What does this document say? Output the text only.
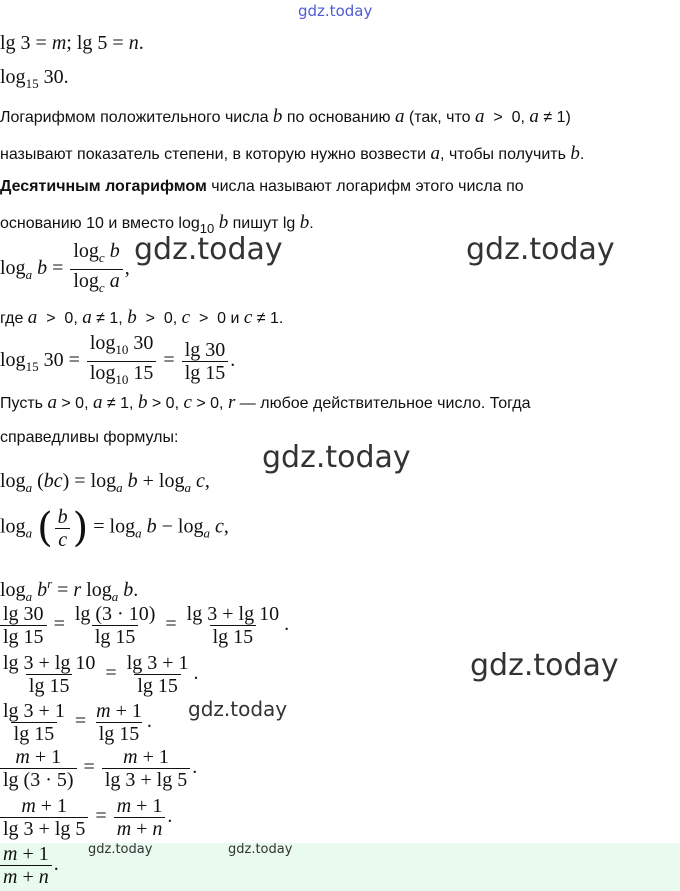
gdz.today
gdz.today	gdz.today
gdz.today
gdz.today
gdz.today
gdz.today	gdz.today
lg 3 = m; lg 5 = n.
$\log_{15} 30$.
Логарифмом положительного числа b по основанию a (так, что a  >  0, a ≠ 1)
называют показатель степени, в которую нужно возвести a, чтобы получить b.
Десятичным логарифмом числа называют логарифм этого числа по
основанию 10 и вместо $\log_{10} b$ пишут lg b.
$\log_a b = \frac{\log_c b}{\log_c a}$ ,
где a  >  0, a ≠ 1, b  >  0, c  >  0 и c ≠ 1.
$\log_{15} 30 = \frac{\log_{10} 30}{\log_{10} 15} = \frac{\lg 30}{\lg 15}$ .
Пусть a > 0, a ≠ 1, b > 0, c > 0, r — любое действительное число. Тогда
справедливы формулы:
$\log_a (bc) = \log_a b + \log_a c$,
$\log_a$ ( $\frac{b}{c}$ ) = $\log_a b - \log_a c$,
$\log_a b^r = r$ $\log_a b$.
$\frac{\lg 30}{\lg 15} = \frac{\lg (3 \cdot 10)}{\lg 15} = \frac{\lg 3 + \lg 10}{\lg 15}$ .
$\frac{\lg 3 + \lg 10}{\lg 15} = \frac{\lg 3 + 1}{\lg 15}$ .
$\frac{\lg 3 + 1}{\lg 15} = \frac{m + 1}{\lg 15}$ .
$\frac{m + 1}{\lg (3 \cdot 5)} = \frac{m + 1}{\lg 3 + \lg 5}$ .
$\frac{m + 1}{\lg 3 + \lg 5} = \frac{m + 1}{m + n}$ .
$\frac{m + 1}{m + n}$ .
